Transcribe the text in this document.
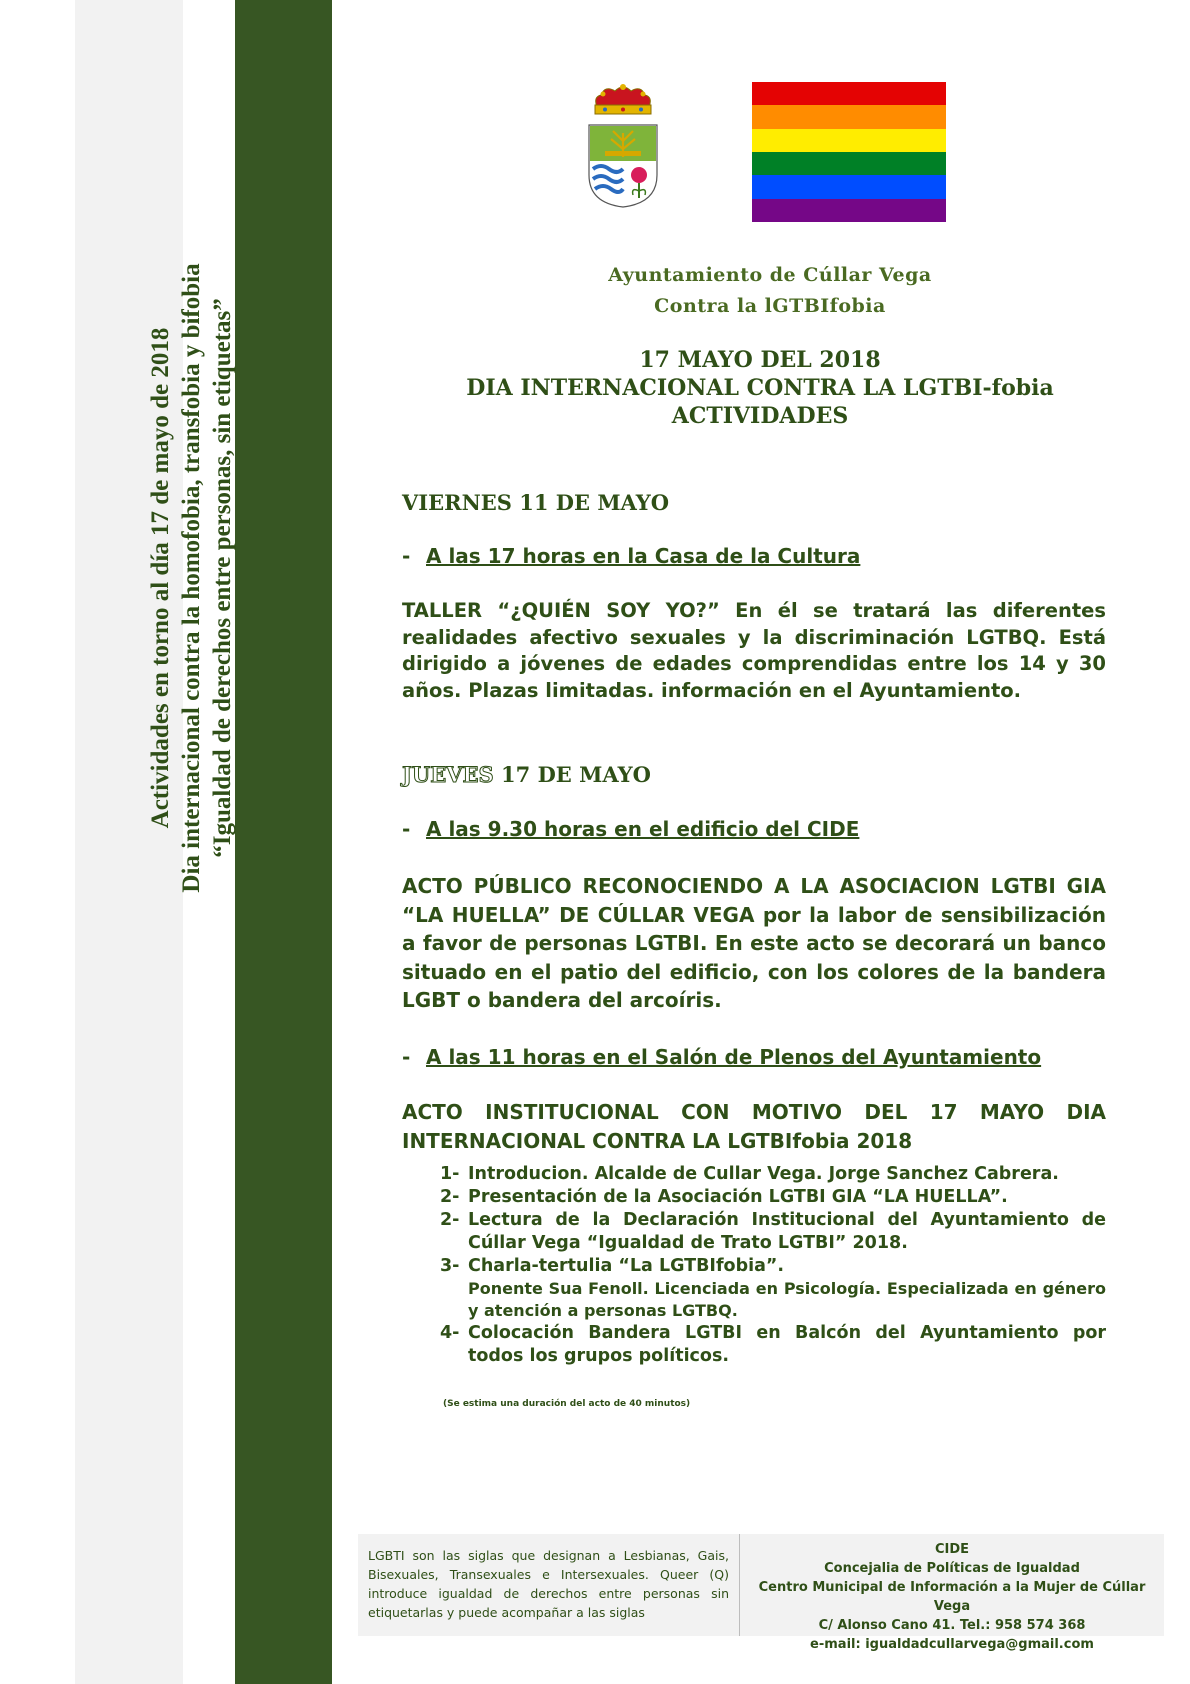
Actividades en torno al día 17 de mayo de 2018 Dia internacional contra la homofobia, transfobia y bifobia “Igualdad de derechos entre personas, sin etiquetas”
Ayuntamiento de Cúllar Vega
Contra la lGTBIfobia
17 MAYO DEL 2018
DIA INTERNACIONAL CONTRA LA LGTBI-fobia
ACTIVIDADES
VIERNES 11 DE MAYO
- A las 17 horas en la Casa de la Cultura
TALLER “¿QUIÉN SOY YO?” En él se tratará las diferentes realidades afectivo sexuales y la discriminación LGTBQ. Está dirigido a jóvenes de edades comprendidas entre los 14 y 30 años. Plazas limitadas. información en el Ayuntamiento.
JUEVES 17 DE MAYO
- A las 9.30 horas en el edificio del CIDE
ACTO PÚBLICO RECONOCIENDO A LA ASOCIACION LGTBI GIA “LA HUELLA” DE CÚLLAR VEGA por la labor de sensibilización a favor de personas LGTBI. En este acto se decorará un banco situado en el patio del edificio, con los colores de la bandera LGBT o bandera del arcoíris.
- A las 11 horas en el Salón de Plenos del Ayuntamiento
ACTO INSTITUCIONAL CON MOTIVO DEL 17 MAYO DIA INTERNACIONAL CONTRA LA LGTBIfobia 2018
1- Introducion. Alcalde de Cullar Vega. Jorge Sanchez Cabrera.
2- Presentación de la Asociación LGTBI GIA “LA HUELLA”.
2- Lectura de la Declaración Institucional del Ayuntamiento de Cúllar Vega “Igualdad de Trato LGTBI” 2018.
3- Charla-tertulia “La LGTBIfobia”.
Ponente Sua Fenoll. Licenciada en Psicología. Especializada en género y atención a personas LGTBQ.
4- Colocación Bandera LGTBI en Balcón del Ayuntamiento por todos los grupos políticos.
(Se estima una duración del acto de 40 minutos)
LGBTI son las siglas que designan a Lesbianas, Gais, Bisexuales, Transexuales e Intersexuales. Queer (Q) introduce igualdad de derechos entre personas sin etiquetarlas y puede acompañar a las siglas
CIDE
Concejalia de Políticas de Igualdad
Centro Municipal de Información a la Mujer de Cúllar Vega
C/ Alonso Cano 41. Tel.: 958 574 368
e-mail: igualdadcullarvega@gmail.com
